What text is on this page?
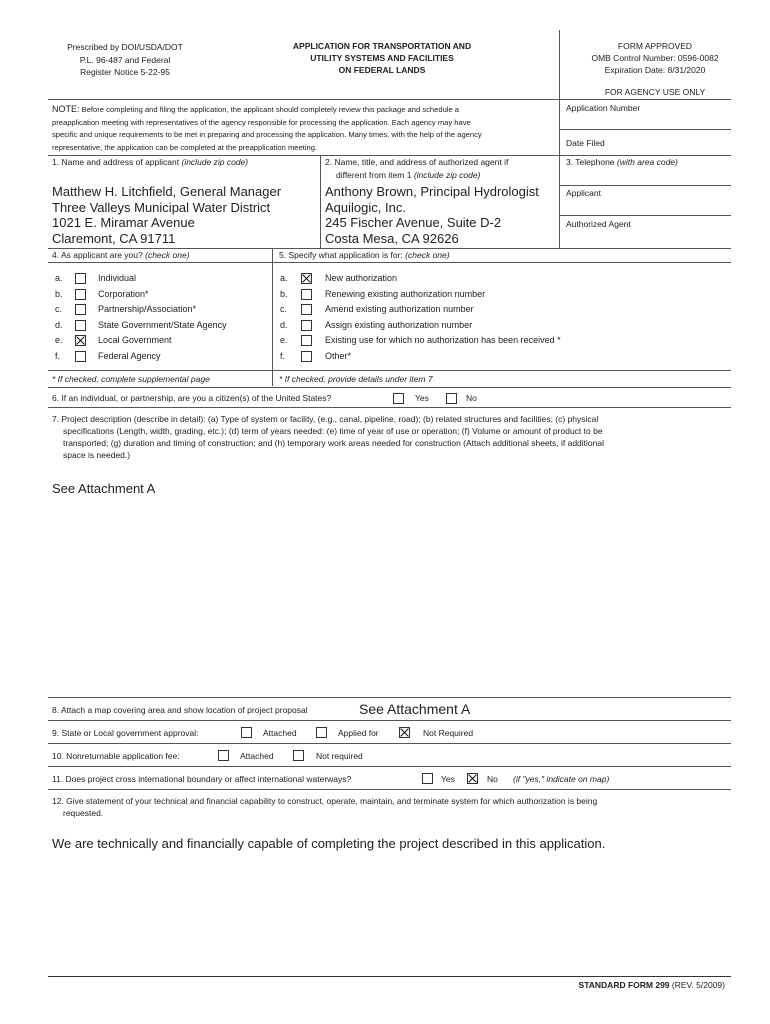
Prescribed by DOI/USDA/DOT
P.L. 96-487 and Federal
Register Notice 5-22-95
APPLICATION FOR TRANSPORTATION AND
UTILITY SYSTEMS AND FACILITIES
ON FEDERAL LANDS
FORM APPROVED
OMB Control Number: 0596-0082
Expiration Date: 8/31/2020
FOR AGENCY USE ONLY
NOTE: Before completing and filing the application, the applicant should completely review this package and schedule a
preapplication meeting with representatives of the agency responsible for processing the application. Each agency may have
specific and unique requirements to be met in preparing and processing the application. Many times, with the help of the agency
representative, the application can be completed at the preapplication meeting.
Application Number
Date Filed
1. Name and address of applicant (include zip code)	2. Name, title, and address of authorized agent if
different from item 1 (include zip code)
3. Telephone (with area code)
Matthew H. Litchfield, General Manager
Three Valleys Municipal Water District
1021 E. Miramar Avenue
Claremont, CA 91711
Anthony Brown, Principal Hydrologist
Aquilogic, Inc.
245 Fischer Avenue, Suite D-2
Costa Mesa, CA 92626
Applicant
Authorized Agent
4. As applicant are you? (check one)	5. Specify what application is for: (check one)
a.	Individual
b.	Corporation*
c.	Partnership/Association*
d.	State Government/State Agency
e.	Local Government
f.	Federal Agency
a.	New authorization
b.	Renewing existing authorization number
c.	Amend existing authorization number
d.	Assign existing authorization number
e.	Existing use for which no authorization has been received *
f.	Other*
* If checked, complete supplemental page	* If checked, provide details under item 7
6. If an individual, or partnership, are you a citizen(s) of the United States?	Yes	No
7. Project description (describe in detail): (a) Type of system or facility, (e.g., canal, pipeline, road); (b) related structures and facilities; (c) physical
specifications (Length, width, grading, etc.); (d) term of years needed: (e) time of year of use or operation; (f) Volume or amount of product to be
transported; (g) duration and timing of construction; and (h) temporary work areas needed for construction (Attach additional sheets, if additional
space is needed.)
See Attachment A
8. Attach a map covering area and show location of project proposal	See Attachment A
9. State or Local government approval:	Attached	Applied for	Not Required
10. Nonreturnable application fee:	Attached	Not required
11. Does project cross international boundary or affect international waterways?	Yes	No (if "yes," indicate on map)
12. Give statement of your technical and financial capability to construct, operate, maintain, and terminate system for which authorization is being
requested.
We are technically and financially capable of completing the project described in this application.
STANDARD FORM 299 (REV. 5/2009)
